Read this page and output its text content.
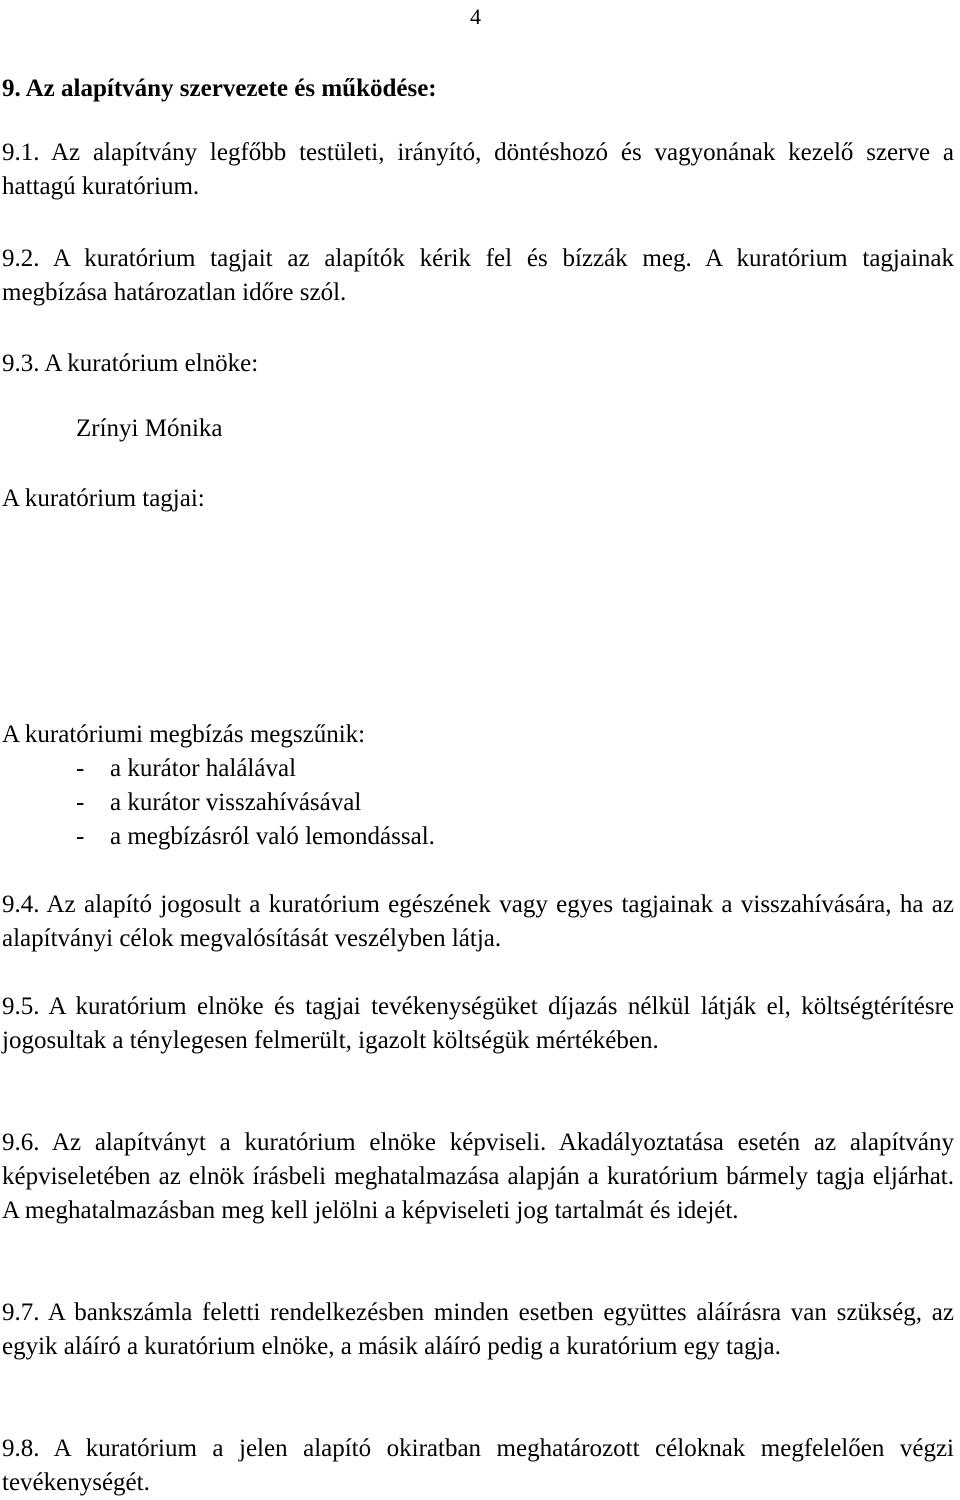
4
9. Az alapítvány szervezete és működése:

9.1. Az alapítvány legfőbb testületi, irányító, döntéshozó és vagyonának kezelő szerve a hattagú kuratórium.

9.2. A kuratórium tagjait az alapítók kérik fel és bízzák meg. A kuratórium tagjainak megbízása határozatlan időre szól.

9.3. A kuratórium elnöke:
Zrínyi Mónika
A kuratórium tagjai:
A kuratóriumi megbízás megszűnik:
- a kurátor halálával
- a kurátor visszahívásával
- a megbízásról való lemondással.

9.4. Az alapító jogosult a kuratórium egészének vagy egyes tagjainak a visszahívására, ha az alapítványi célok megvalósítását veszélyben látja.

9.5. A kuratórium elnöke és tagjai tevékenységüket díjazás nélkül látják el, költségtérítésre jogosultak a ténylegesen felmerült, igazolt költségük mértékében.

9.6. Az alapítványt a kuratórium elnöke képviseli. Akadályoztatása esetén az alapítvány képviseletében az elnök írásbeli meghatalmazása alapján a kuratórium bármely tagja eljárhat. A meghatalmazásban meg kell jelölni a képviseleti jog tartalmát és idejét.

9.7. A bankszámla feletti rendelkezésben minden esetben együttes aláírásra van szükség, az egyik aláíró a kuratórium elnöke, a másik aláíró pedig a kuratórium egy tagja.

9.8. A kuratórium a jelen alapító okiratban meghatározott céloknak megfelelően végzi tevékenységét.
